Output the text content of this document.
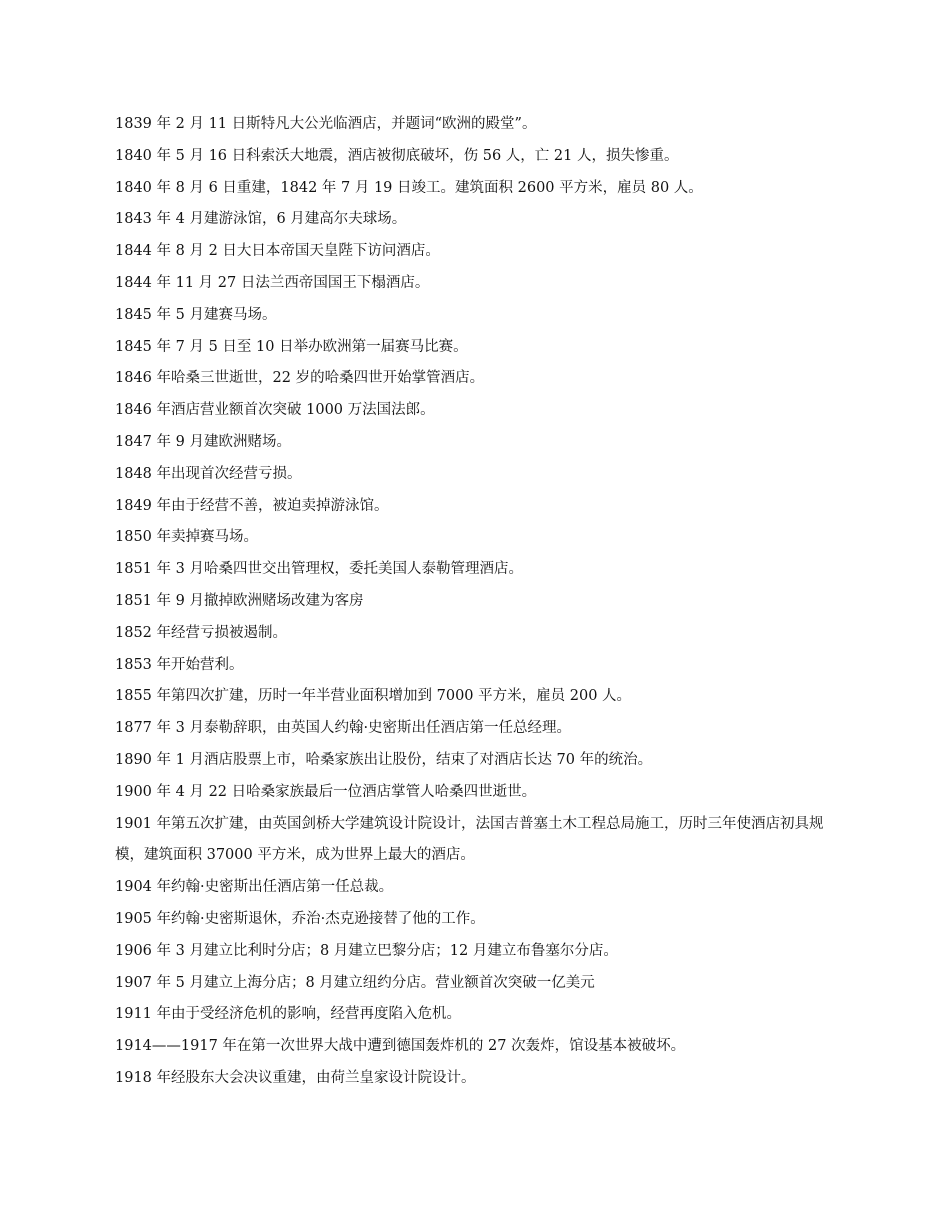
1839 年 2 月 11 日斯特凡大公光临酒店，并题词“欧洲的殿堂”。

1840 年 5 月 16 日科索沃大地震，酒店被彻底破坏，伤 56 人，亡 21 人，损失惨重。

1840 年 8 月 6 日重建，1842 年 7 月 19 日竣工。建筑面积 2600 平方米，雇员 80 人。

1843 年 4 月建游泳馆，6 月建高尔夫球场。

1844 年 8 月 2 日大日本帝国天皇陛下访问酒店。

1844 年 11 月 27 日法兰西帝国国王下榻酒店。

1845 年 5 月建赛马场。

1845 年 7 月 5 日至 10 日举办欧洲第一届赛马比赛。

1846 年哈桑三世逝世，22 岁的哈桑四世开始掌管酒店。

1846 年酒店营业额首次突破 1000 万法国法郎。

1847 年 9 月建欧洲赌场。

1848 年出现首次经营亏损。

1849 年由于经营不善，被迫卖掉游泳馆。

1850 年卖掉赛马场。

1851 年 3 月哈桑四世交出管理权，委托美国人泰勒管理酒店。

1851 年 9 月撤掉欧洲赌场改建为客房

1852 年经营亏损被遏制。

1853 年开始营利。

1855 年第四次扩建，历时一年半营业面积增加到 7000 平方米，雇员 200 人。

1877 年 3 月泰勒辞职，由英国人约翰·史密斯出任酒店第一任总经理。

1890 年 1 月酒店股票上市，哈桑家族出让股份，结束了对酒店长达 70 年的统治。

1900 年 4 月 22 日哈桑家族最后一位酒店掌管人哈桑四世逝世。

1901 年第五次扩建，由英国剑桥大学建筑设计院设计，法国吉普塞土木工程总局施工，历时三年使酒店初具规模，建筑面积 37000 平方米，成为世界上最大的酒店。

1904 年约翰·史密斯出任酒店第一任总裁。

1905 年约翰·史密斯退休，乔治·杰克逊接替了他的工作。

1906 年 3 月建立比利时分店；8 月建立巴黎分店；12 月建立布鲁塞尔分店。

1907 年 5 月建立上海分店；8 月建立纽约分店。营业额首次突破一亿美元

1911 年由于受经济危机的影响，经营再度陷入危机。

1914——1917 年在第一次世界大战中遭到德国轰炸机的 27 次轰炸，馆设基本被破坏。

1918 年经股东大会决议重建，由荷兰皇家设计院设计。
